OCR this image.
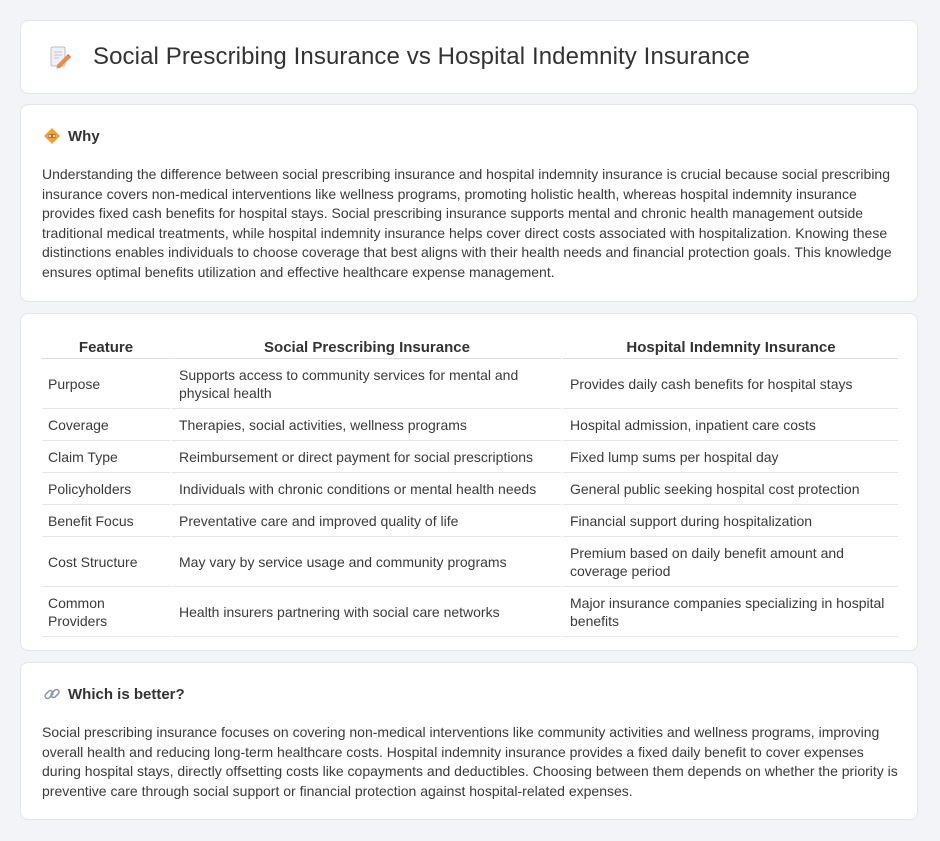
Social Prescribing Insurance vs Hospital Indemnity Insurance
Why
Understanding the difference between social prescribing insurance and hospital indemnity insurance is crucial because social prescribing insurance covers non-medical interventions like wellness programs, promoting holistic health, whereas hospital indemnity insurance provides fixed cash benefits for hospital stays. Social prescribing insurance supports mental and chronic health management outside traditional medical treatments, while hospital indemnity insurance helps cover direct costs associated with hospitalization. Knowing these distinctions enables individuals to choose coverage that best aligns with their health needs and financial protection goals. This knowledge ensures optimal benefits utilization and effective healthcare expense management.
Feature	Social Prescribing Insurance	Hospital Indemnity Insurance
Purpose	Supports access to community services for mental and physical health	Provides daily cash benefits for hospital stays
Coverage	Therapies, social activities, wellness programs	Hospital admission, inpatient care costs
Claim Type	Reimbursement or direct payment for social prescriptions	Fixed lump sums per hospital day
Policyholders	Individuals with chronic conditions or mental health needs	General public seeking hospital cost protection
Benefit Focus	Preventative care and improved quality of life	Financial support during hospitalization
Cost Structure	May vary by service usage and community programs	Premium based on daily benefit amount and coverage period
Common Providers	Health insurers partnering with social care networks	Major insurance companies specializing in hospital benefits
Which is better?
Social prescribing insurance focuses on covering non-medical interventions like community activities and wellness programs, improving overall health and reducing long-term healthcare costs. Hospital indemnity insurance provides a fixed daily benefit to cover expenses during hospital stays, directly offsetting costs like copayments and deductibles. Choosing between them depends on whether the priority is preventive care through social support or financial protection against hospital-related expenses.
